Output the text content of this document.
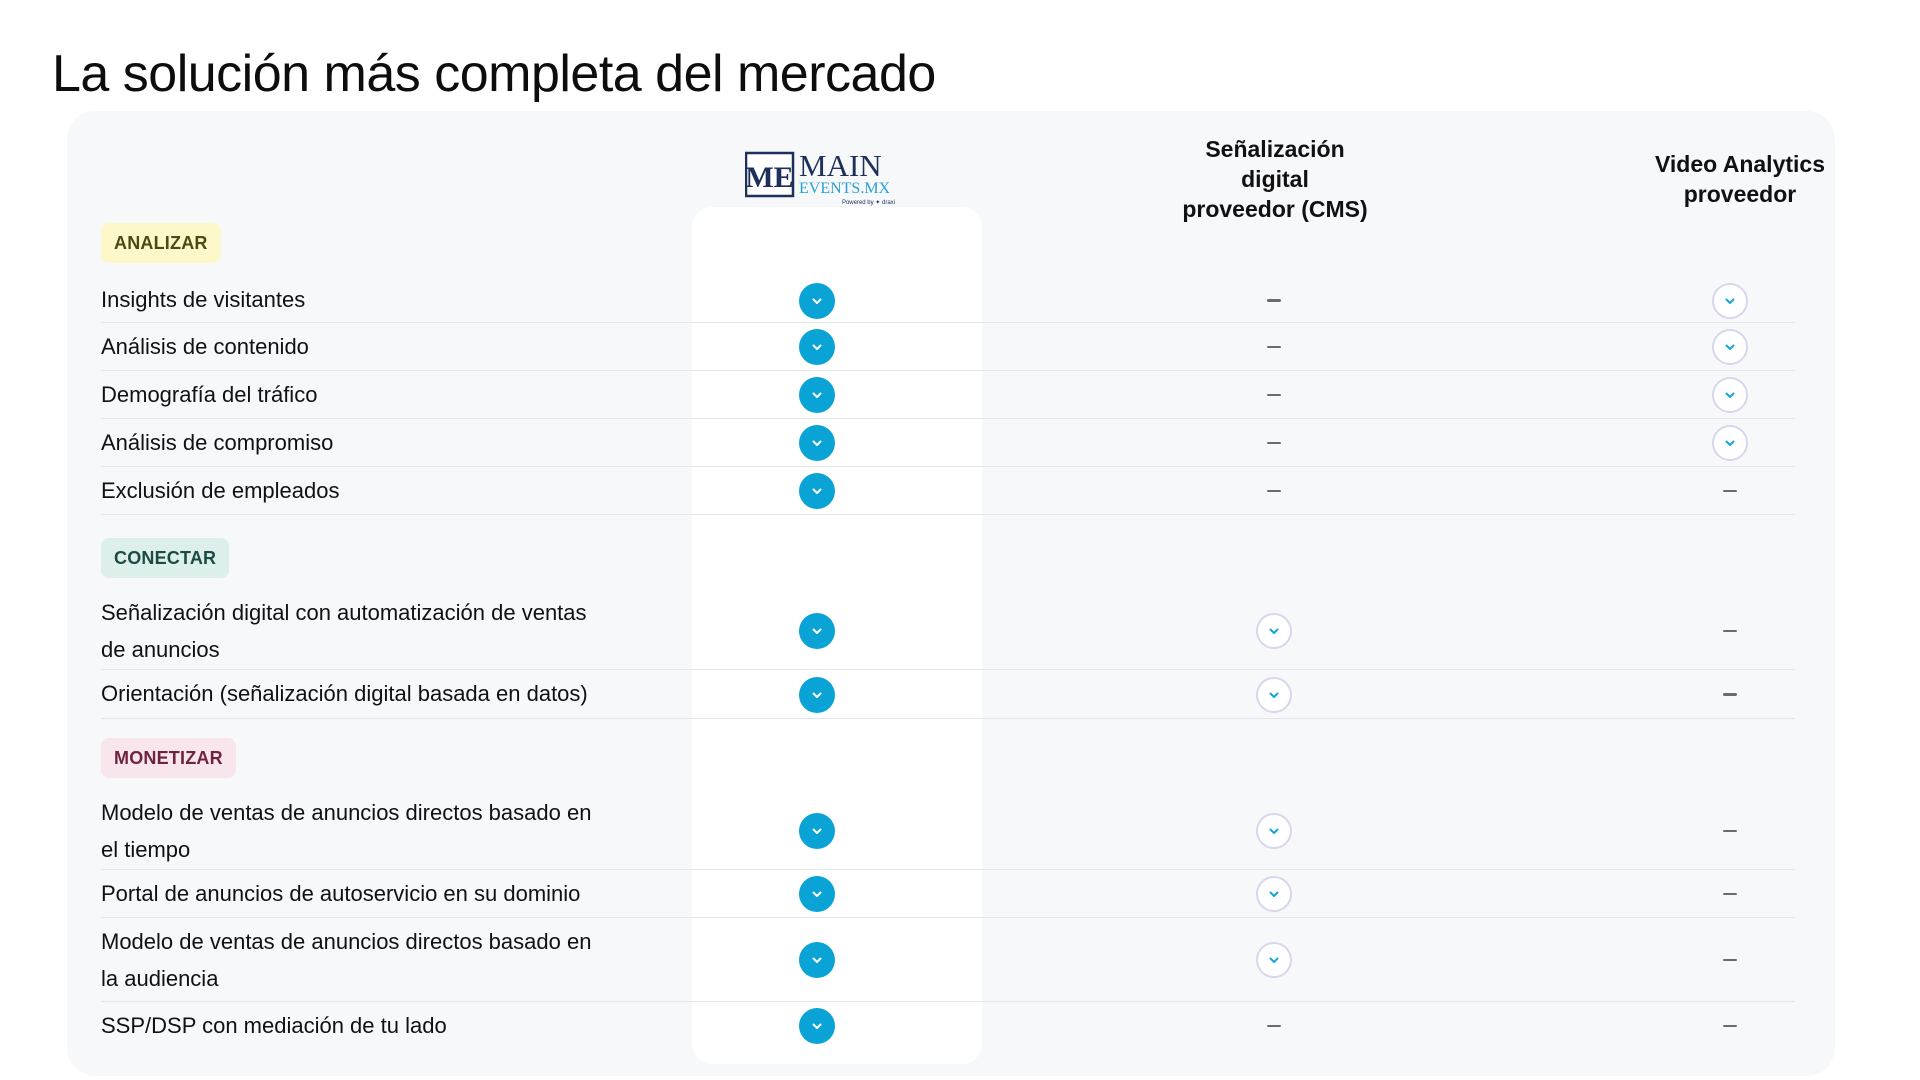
La solución más completa del mercado
ME MAIN
EVENTS.MX
Powered by ✦ draxi
Señalización
digital
proveedor (CMS)
Video Analytics
proveedor
ANALIZAR
CONECTAR
MONETIZAR
Insights de visitantes
Análisis de contenido
Demografía del tráfico
Análisis de compromiso
Exclusión de empleados
Señalización digital con automatización de ventas
de anuncios
Orientación (señalización digital basada en datos)
Modelo de ventas de anuncios directos basado en
el tiempo
Portal de anuncios de autoservicio en su dominio
Modelo de ventas de anuncios directos basado en
la audiencia
SSP/DSP con mediación de tu lado
